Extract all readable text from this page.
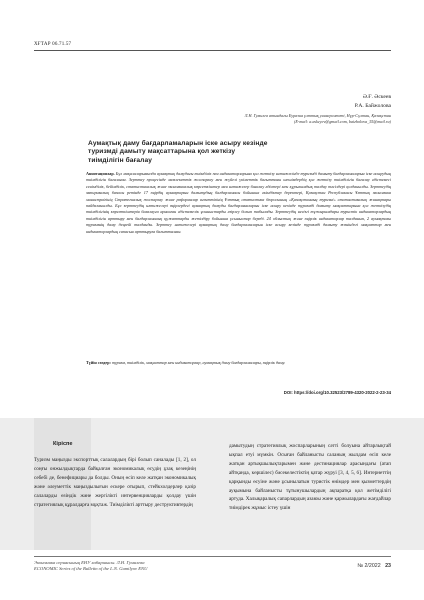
ХҒТАР 06.71.57
Ә.Ғ. Әскеев
Р.А. Байжолова
Л.Н. Гумилев атындағы Еуразия ұлттық университеті, Нұр-Сұлтан, Қазақстан
(E-mail: a.askeyev@gmail.com, baizholova_55@mail.ru)
Аумақтық даму бағдарламаларын іске асыру кезінде
туризмді дамыту мақсаттарына қол жеткізу
тиімділігін бағалау
Аннотациялар. Бұл мақалаларымызда аумақтық дамудағы тиімділік пен индикаторларына қол жеткізу нәтижесінде туризмді дамыту бағдарламаларын іске асырудың тиімділігін бағалаған. Зерттеу процесінде мемлекеттік жоспарлау мен жүйелі үкіметтік бағыттағы шешімдердің қол жеткізу тиімділігін бағалау әдістемесі сенімділік, бейімділік, статистикалық және экономикалық көрсеткіштер мен нәтижелер бағалау әдістері мен құрылымдық талдау тәсілдері қолданылды. Зерттеудің эмпирикалық базасы ретінде 17 өңірдің аумақтарын дамытудың бағдарламасы бойынша әкімдіктер деректері, Қазақстан Республикасы Ұлттық экономика министрлігінің Стратегиялық жоспарлау және реформалар агенттігінің Ұлттық статистика бюросының «Қазақстанның туризмі» статистикалық жинақтары пайдаланылды. Бұл зерттеудің нәтижелері өңірлердегі аумақтық дамуды бағдарламаларын іске асыру кезінде туризмді дамыту мақсаттарына қол жеткізудің тиімділігінің көрсеткіштерін бағалауға арналған әдістемелік ұсыныстарды әзірлеу болып табылады. Зерттеудің негізгі тұжырымдары туристік индикаторлардың тиімділігін арттыру мен бағдарламалық құжаттарды жетілдіру бойынша ұсыныстар береді. 24 облыстық және өңірлік индикаторлар талданып, 2 аумақтағы туризмнің даму деңгейі талданды. Зерттеу нәтижелері аумақтық даму бағдарламаларын іске асыру кезінде туризмді дамыту жөніндегі мақсаттар мен индикаторлардың сапасын арттыруға бағытталған.
Түйін сөздер: туризм, тиімділік, мақсаттар мен индикаторлар, аумақтық даму бағдарламалары, өңірлік даму.
DOI: https://doi.org/10.32523/2789-4320-2022-2-23-34
Кіріспе
Туризм маңызды экспорттық салалардың бірі болып саналады [1, 2], ол соңғы онжылдықтарда байқалған экономикалық өсудің ұзақ кезеңінің себебі де, бенефициары да болды. Оның өсіп келе жатқан экономикалық және әлеуметтік маңыздылығын ескере отырып, стейкхолдерлер қазір салаларды өзіндік және жергілікті интервенцияларды қолдау үшін стратегиялық құралдарға мұқтаж. Тиімділікті арттыру деструктивтердің
дамытудың стратегиялық жоспарларының сәтті болуына айтарлықтай ықпал етуі мүмкін. Осыған байланысты саланың жылдам өсіп келе жатқан артықшылықтарымен және дестинациялар арасындағы (атап айтқанда, көршілес) бәсекелестіктің қатар жүруі [3, 4, 5, 6]. Интернеттің қарқынды өсуіне және ұсынылатын туристік өнімдер мен қызметтердің ауқымына байланысты тұтынушылардың ақпаратқа қол жетімділігі артуда. Халықаралық сапарлардың азаюы және қаржылардағы жағдайлар тиімдірек жұмыс істеу үшін
Экономика сериясының ЕНУ хабаршысы. Л.Н. Гумилева
ECONOMIC Series of the Bulletin of the L.N. Gumilyov ENU	№ 2/2022 23
